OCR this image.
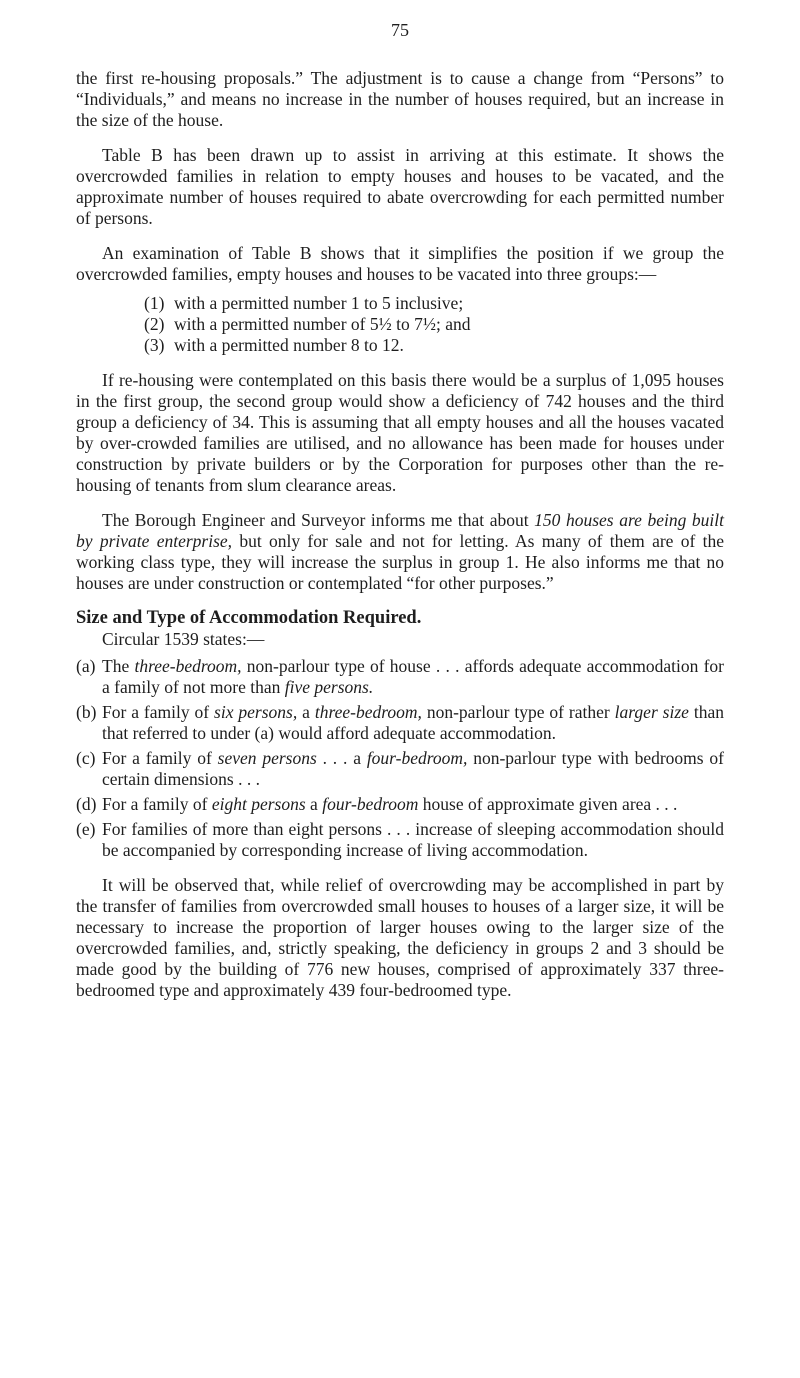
75

the first re-housing proposals.” The adjustment is to cause a change from “Persons” to “Individuals,” and means no increase in the number of houses required, but an increase in the size of the house.

Table B has been drawn up to assist in arriving at this estimate. It shows the overcrowded families in relation to empty houses and houses to be vacated, and the approximate number of houses required to abate overcrowding for each permitted number of persons.

An examination of Table B shows that it simplifies the position if we group the overcrowded families, empty houses and houses to be vacated into three groups:—

(1) with a permitted number 1 to 5 inclusive;
(2) with a permitted number of 5½ to 7½; and
(3) with a permitted number 8 to 12.

If re-housing were contemplated on this basis there would be a surplus of 1,095 houses in the first group, the second group would show a deficiency of 742 houses and the third group a deficiency of 34. This is assuming that all empty houses and all the houses vacated by over-crowded families are utilised, and no allowance has been made for houses under construction by private builders or by the Corporation for purposes other than the re-housing of tenants from slum clearance areas.

The Borough Engineer and Surveyor informs me that about 150 houses are being built by private enterprise, but only for sale and not for letting. As many of them are of the working class type, they will increase the surplus in group 1. He also informs me that no houses are under construction or contemplated “for other purposes.”

Size and Type of Accommodation Required.

Circular 1539 states:—

(a) The three-bedroom, non-parlour type of house . . . affords adequate accommodation for a family of not more than five persons.
(b) For a family of six persons, a three-bedroom, non-parlour type of rather larger size than that referred to under (a) would afford adequate accommodation.
(c) For a family of seven persons . . . a four-bedroom, non-parlour type with bedrooms of certain dimensions . . .
(d) For a family of eight persons a four-bedroom house of approximate given area . . .
(e) For families of more than eight persons . . . increase of sleeping accommodation should be accompanied by corresponding increase of living accommodation.

It will be observed that, while relief of overcrowding may be accomplished in part by the transfer of families from overcrowded small houses to houses of a larger size, it will be necessary to increase the proportion of larger houses owing to the larger size of the overcrowded families, and, strictly speaking, the deficiency in groups 2 and 3 should be made good by the building of 776 new houses, comprised of approximately 337 three-bedroomed type and approximately 439 four-bedroomed type.
